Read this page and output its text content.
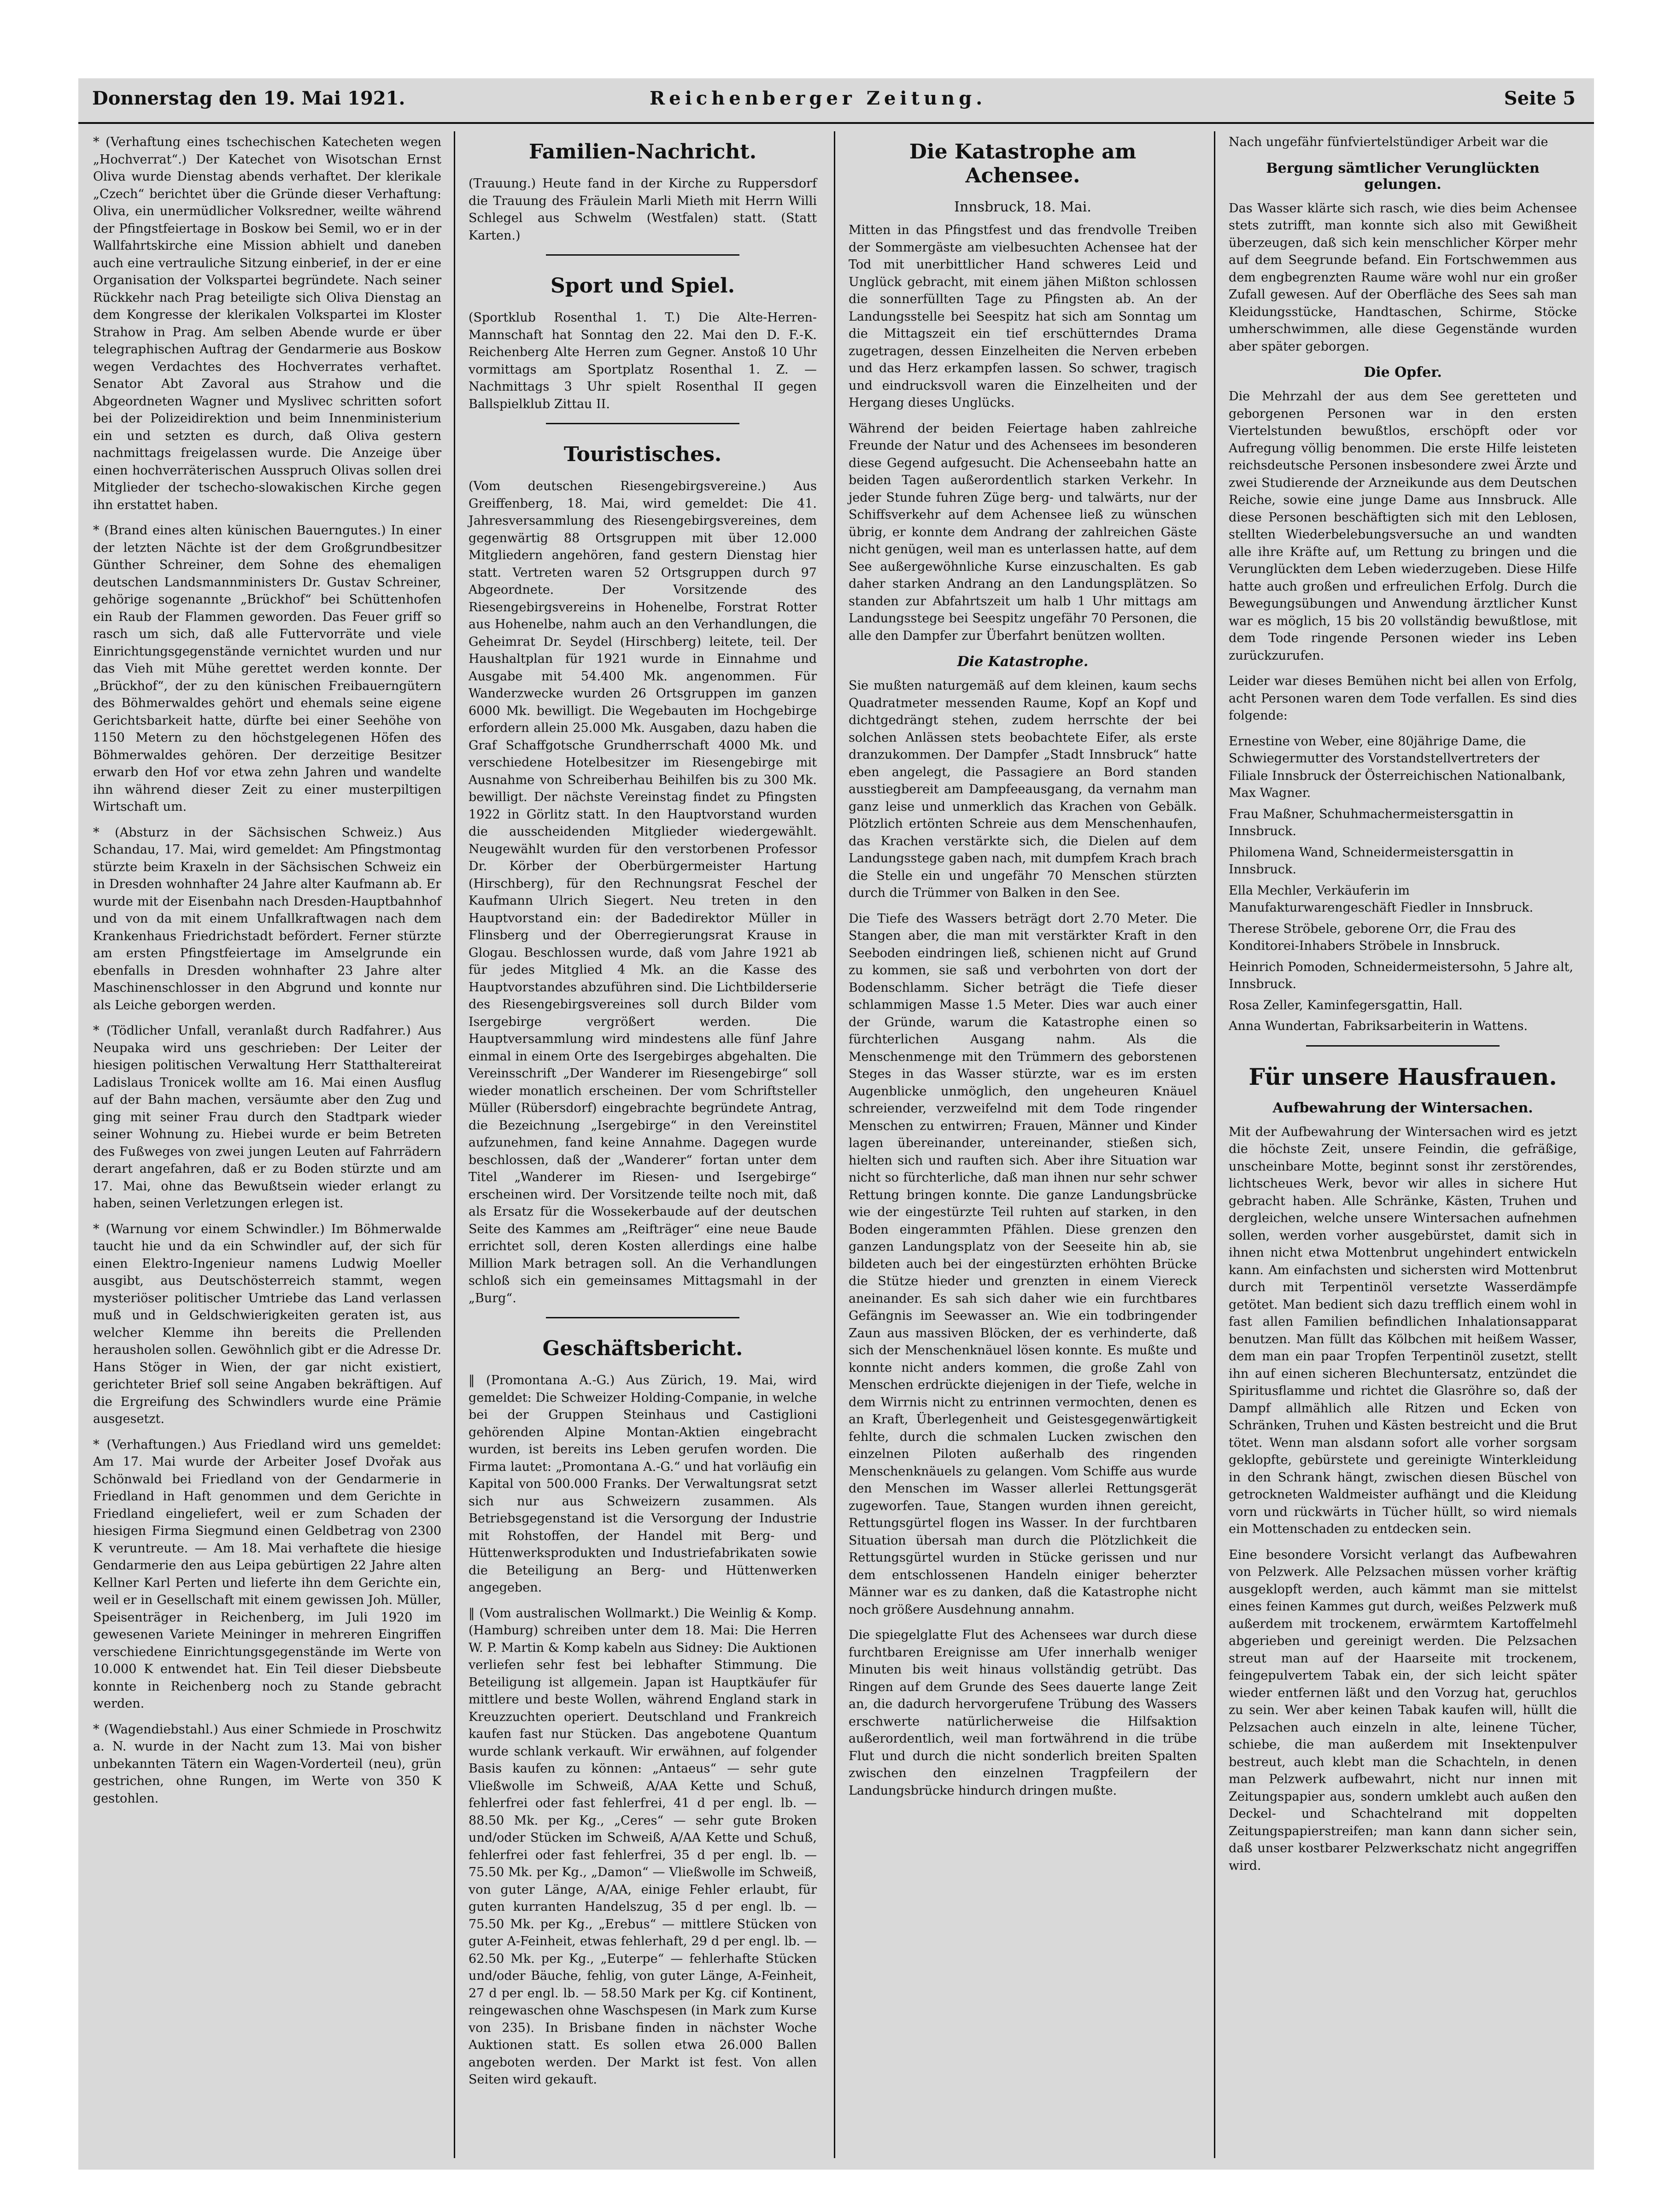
Donnerstag den 19. Mai 1921.	Reichenberger Zeitung.	Seite 5

* (Verhaftung eines tschechischen Katecheten wegen „Hochverrat“.) Der Katechet von Wisotschan Ernst Oliva wurde Dienstag abends verhaftet. Der klerikale „Czech“ berichtet über die Gründe dieser Verhaftung: Oliva, ein unermüdlicher Volksredner, weilte während der Pfingstfeiertage in Boskow bei Semil, wo er in der Wallfahrtskirche eine Mission abhielt und daneben auch eine vertrauliche Sitzung einberief, in der er eine Organisation der Volkspartei begründete. Nach seiner Rückkehr nach Prag beteiligte sich Oliva Dienstag an dem Kongresse der klerikalen Volkspartei im Kloster Strahow in Prag. Am selben Abende wurde er über telegraphischen Auftrag der Gendarmerie aus Boskow wegen Verdachtes des Hochverrates verhaftet. Senator Abt Zavoral aus Strahow und die Abgeordneten Wagner und Myslivec schritten sofort bei der Polizeidirektion und beim Innenministerium ein und setzten es durch, daß Oliva gestern nachmittags freigelassen wurde. Die Anzeige über einen hochverräterischen Ausspruch Olivas sollen drei Mitglieder der tschecho-slowakischen Kirche gegen ihn erstattet haben.

* (Brand eines alten künischen Bauerngutes.) In einer der letzten Nächte ist der dem Großgrundbesitzer Günther Schreiner, dem Sohne des ehemaligen deutschen Landsmannministers Dr. Gustav Schreiner, gehörige sogenannte „Brückhof“ bei Schüttenhofen ein Raub der Flammen geworden. Das Feuer griff so rasch um sich, daß alle Futtervorräte und viele Einrichtungsgegenstände vernichtet wurden und nur das Vieh mit Mühe gerettet werden konnte. Der „Brückhof“, der zu den künischen Freibauerngütern des Böhmerwaldes gehört und ehemals seine eigene Gerichtsbarkeit hatte, dürfte bei einer Seehöhe von 1150 Metern zu den höchstgelegenen Höfen des Böhmerwaldes gehören. Der derzeitige Besitzer erwarb den Hof vor etwa zehn Jahren und wandelte ihn während dieser Zeit zu einer musterpiltigen Wirtschaft um.

* (Absturz in der Sächsischen Schweiz.) Aus Schandau, 17. Mai, wird gemeldet: Am Pfingstmontag stürzte beim Kraxeln in der Sächsischen Schweiz ein in Dresden wohnhafter 24 Jahre alter Kaufmann ab. Er wurde mit der Eisenbahn nach Dresden-Hauptbahnhof und von da mit einem Unfallkraftwagen nach dem Krankenhaus Friedrichstadt befördert. Ferner stürzte am ersten Pfingstfeiertage im Amselgrunde ein ebenfalls in Dresden wohnhafter 23 Jahre alter Maschinenschlosser in den Abgrund und konnte nur als Leiche geborgen werden.

* (Tödlicher Unfall, veranlaßt durch Radfahrer.) Aus Neupaka wird uns geschrieben: Der Leiter der hiesigen politischen Verwaltung Herr Statthaltereirat Ladislaus Tronicek wollte am 16. Mai einen Ausflug auf der Bahn machen, versäumte aber den Zug und ging mit seiner Frau durch den Stadtpark wieder seiner Wohnung zu. Hiebei wurde er beim Betreten des Fußweges von zwei jungen Leuten auf Fahrrädern derart angefahren, daß er zu Boden stürzte und am 17. Mai, ohne das Bewußtsein wieder erlangt zu haben, seinen Verletzungen erlegen ist.

* (Warnung vor einem Schwindler.) Im Böhmerwalde taucht hie und da ein Schwindler auf, der sich für einen Elektro-Ingenieur namens Ludwig Moeller ausgibt, aus Deutschösterreich stammt, wegen mysteriöser politischer Umtriebe das Land verlassen muß und in Geldschwierigkeiten geraten ist, aus welcher Klemme ihn bereits die Prellenden herausholen sollen. Gewöhnlich gibt er die Adresse Dr. Hans Stöger in Wien, der gar nicht existiert, gerichteter Brief soll seine Angaben bekräftigen. Auf die Ergreifung des Schwindlers wurde eine Prämie ausgesetzt.

* (Verhaftungen.) Aus Friedland wird uns gemeldet: Am 17. Mai wurde der Arbeiter Josef Dvořak aus Schönwald bei Friedland von der Gendarmerie in Friedland in Haft genommen und dem Gerichte in Friedland eingeliefert, weil er zum Schaden der hiesigen Firma Siegmund einen Geldbetrag von 2300 K veruntreute. — Am 18. Mai verhaftete die hiesige Gendarmerie den aus Leipa gebürtigen 22 Jahre alten Kellner Karl Perten und lieferte ihn dem Gerichte ein, weil er in Gesellschaft mit einem gewissen Joh. Müller, Speisenträger in Reichenberg, im Juli 1920 im gewesenen Variete Meininger in mehreren Eingriffen verschiedene Einrichtungsgegenstände im Werte von 10.000 K entwendet hat. Ein Teil dieser Diebsbeute konnte in Reichenberg noch zu Stande gebracht werden.

* (Wagendiebstahl.) Aus einer Schmiede in Proschwitz a. N. wurde in der Nacht zum 13. Mai von bisher unbekannten Tätern ein Wagen-Vorderteil (neu), grün gestrichen, ohne Rungen, im Werte von 350 K gestohlen.

Familien-Nachricht.

(Trauung.) Heute fand in der Kirche zu Ruppersdorf die Trauung des Fräulein Marli Mieth mit Herrn Willi Schlegel aus Schwelm (Westfalen) statt. (Statt Karten.)

Sport und Spiel.

(Sportklub Rosenthal 1. T.) Die Alte-Herren-Mannschaft hat Sonntag den 22. Mai den D. F.-K. Reichenberg Alte Herren zum Gegner. Anstoß 10 Uhr vormittags am Sportplatz Rosenthal 1. Z. — Nachmittags 3 Uhr spielt Rosenthal II gegen Ballspielklub Zittau II.

Touristisches.

(Vom deutschen Riesengebirgsvereine.) Aus Greiffenberg, 18. Mai, wird gemeldet: Die 41. Jahresversammlung des Riesengebirgsvereines, dem gegenwärtig 88 Ortsgruppen mit über 12.000 Mitgliedern angehören, fand gestern Dienstag hier statt. Vertreten waren 52 Ortsgruppen durch 97 Abgeordnete. Der Vorsitzende des Riesengebirgsvereins in Hohenelbe, Forstrat Rotter aus Hohenelbe, nahm auch an den Verhandlungen, die Geheimrat Dr. Seydel (Hirschberg) leitete, teil. Der Haushaltplan für 1921 wurde in Einnahme und Ausgabe mit 54.400 Mk. angenommen. Für Wanderzwecke wurden 26 Ortsgruppen im ganzen 6000 Mk. bewilligt. Die Wegebauten im Hochgebirge erfordern allein 25.000 Mk. Ausgaben, dazu haben die Graf Schaffgotsche Grundherrschaft 4000 Mk. und verschiedene Hotelbesitzer im Riesengebirge mit Ausnahme von Schreiberhau Beihilfen bis zu 300 Mk. bewilligt. Der nächste Vereinstag findet zu Pfingsten 1922 in Görlitz statt. In den Hauptvorstand wurden die ausscheidenden Mitglieder wiedergewählt. Neugewählt wurden für den verstorbenen Professor Dr. Körber der Oberbürgermeister Hartung (Hirschberg), für den Rechnungsrat Feschel der Kaufmann Ulrich Siegert. Neu treten in den Hauptvorstand ein: der Badedirektor Müller in Flinsberg und der Oberregierungsrat Krause in Glogau. Beschlossen wurde, daß vom Jahre 1921 ab für jedes Mitglied 4 Mk. an die Kasse des Hauptvorstandes abzuführen sind. Die Lichtbilderserie des Riesengebirgsvereines soll durch Bilder vom Isergebirge vergrößert werden. Die Hauptversammlung wird mindestens alle fünf Jahre einmal in einem Orte des Isergebirges abgehalten. Die Vereinsschrift „Der Wanderer im Riesengebirge“ soll wieder monatlich erscheinen. Der vom Schriftsteller Müller (Rübersdorf) eingebrachte begründete Antrag, die Bezeichnung „Isergebirge“ in den Vereinstitel aufzunehmen, fand keine Annahme. Dagegen wurde beschlossen, daß der „Wanderer“ fortan unter dem Titel „Wanderer im Riesen- und Isergebirge“ erscheinen wird. Der Vorsitzende teilte noch mit, daß als Ersatz für die Wossekerbaude auf der deutschen Seite des Kammes am „Reifträger“ eine neue Baude errichtet soll, deren Kosten allerdings eine halbe Million Mark betragen soll. An die Verhandlungen schloß sich ein gemeinsames Mittagsmahl in der „Burg“.

Geschäftsbericht.

‖ (Promontana A.-G.) Aus Zürich, 19. Mai, wird gemeldet: Die Schweizer Holding-Companie, in welche bei der Gruppen Steinhaus und Castiglioni gehörenden Alpine Montan-Aktien eingebracht wurden, ist bereits ins Leben gerufen worden. Die Firma lautet: „Promontana A.-G.“ und hat vorläufig ein Kapital von 500.000 Franks. Der Verwaltungsrat setzt sich nur aus Schweizern zusammen. Als Betriebsgegenstand ist die Versorgung der Industrie mit Rohstoffen, der Handel mit Berg- und Hüttenwerksprodukten und Industriefabrikaten sowie die Beteiligung an Berg- und Hüttenwerken angegeben.

‖ (Vom australischen Wollmarkt.) Die Weinlig & Komp. (Hamburg) schreiben unter dem 18. Mai: Die Herren W. P. Martin & Komp kabeln aus Sidney: Die Auktionen verliefen sehr fest bei lebhafter Stimmung. Die Beteiligung ist allgemein. Japan ist Hauptkäufer für mittlere und beste Wollen, während England stark in Kreuzzuchten operiert. Deutschland und Frankreich kaufen fast nur Stücken. Das angebotene Quantum wurde schlank verkauft. Wir erwähnen, auf folgender Basis kaufen zu können: „Antaeus“ — sehr gute Vließwolle im Schweiß, A/AA Kette und Schuß, fehlerfrei oder fast fehlerfrei, 41 d per engl. lb. — 88.50 Mk. per Kg., „Ceres“ — sehr gute Broken und/oder Stücken im Schweiß, A/AA Kette und Schuß, fehlerfrei oder fast fehlerfrei, 35 d per engl. lb. — 75.50 Mk. per Kg., „Damon“ — Vließwolle im Schweiß, von guter Länge, A/AA, einige Fehler erlaubt, für guten kurranten Handelszug, 35 d per engl. lb. — 75.50 Mk. per Kg., „Erebus“ — mittlere Stücken von guter A-Feinheit, etwas fehlerhaft, 29 d per engl. lb. — 62.50 Mk. per Kg., „Euterpe“ — fehlerhafte Stücken und/oder Bäuche, fehlig, von guter Länge, A-Feinheit, 27 d per engl. lb. — 58.50 Mark per Kg. cif Kontinent, reingewaschen ohne Waschspesen (in Mark zum Kurse von 235). In Brisbane finden in nächster Woche Auktionen statt. Es sollen etwa 26.000 Ballen angeboten werden. Der Markt ist fest. Von allen Seiten wird gekauft.

Die Katastrophe am Achensee.
Innsbruck, 18. Mai.

Mitten in das Pfingstfest und das frendvolle Treiben der Sommergäste am vielbesuchten Achensee hat der Tod mit unerbittlicher Hand schweres Leid und Unglück gebracht, mit einem jähen Mißton schlossen die sonnerfüllten Tage zu Pfingsten ab. An der Landungsstelle bei Seespitz hat sich am Sonntag um die Mittagszeit ein tief erschütterndes Drama zugetragen, dessen Einzelheiten die Nerven erbeben und das Herz erkampfen lassen. So schwer, tragisch und eindrucksvoll waren die Einzelheiten und der Hergang dieses Unglücks.

Während der beiden Feiertage haben zahlreiche Freunde der Natur und des Achensees im besonderen diese Gegend aufgesucht. Die Achenseebahn hatte an beiden Tagen außerordentlich starken Verkehr. In jeder Stunde fuhren Züge berg- und talwärts, nur der Schiffsverkehr auf dem Achensee ließ zu wünschen übrig, er konnte dem Andrang der zahlreichen Gäste nicht genügen, weil man es unterlassen hatte, auf dem See außergewöhnliche Kurse einzuschalten. Es gab daher starken Andrang an den Landungsplätzen. So standen zur Abfahrtszeit um halb 1 Uhr mittags am Landungsstege bei Seespitz ungefähr 70 Personen, die alle den Dampfer zur Überfahrt benützen wollten.

Die Katastrophe.

Sie mußten naturgemäß auf dem kleinen, kaum sechs Quadratmeter messenden Raume, Kopf an Kopf und dichtgedrängt stehen, zudem herrschte der bei solchen Anlässen stets beobachtete Eifer, als erste dranzukommen. Der Dampfer „Stadt Innsbruck“ hatte eben angelegt, die Passagiere an Bord standen ausstiegbereit am Dampfeeausgang, da vernahm man ganz leise und unmerklich das Krachen von Gebälk. Plötzlich ertönten Schreie aus dem Menschenhaufen, das Krachen verstärkte sich, die Dielen auf dem Landungsstege gaben nach, mit dumpfem Krach brach die Stelle ein und ungefähr 70 Menschen stürzten durch die Trümmer von Balken in den See.

Die Tiefe des Wassers beträgt dort 2.70 Meter. Die Stangen aber, die man mit verstärkter Kraft in den Seeboden eindringen ließ, schienen nicht auf Grund zu kommen, sie saß und verbohrten von dort der Bodenschlamm. Sicher beträgt die Tiefe dieser schlammigen Masse 1.5 Meter. Dies war auch einer der Gründe, warum die Katastrophe einen so fürchterlichen Ausgang nahm. Als die Menschenmenge mit den Trümmern des geborstenen Steges in das Wasser stürzte, war es im ersten Augenblicke unmöglich, den ungeheuren Knäuel schreiender, verzweifelnd mit dem Tode ringender Menschen zu entwirren; Frauen, Männer und Kinder lagen übereinander, untereinander, stießen sich, hielten sich und rauften sich. Aber ihre Situation war nicht so fürchterliche, daß man ihnen nur sehr schwer Rettung bringen konnte. Die ganze Landungsbrücke wie der eingestürzte Teil ruhten auf starken, in den Boden eingerammten Pfählen. Diese grenzen den ganzen Landungsplatz von der Seeseite hin ab, sie bildeten auch bei der eingestürzten erhöhten Brücke die Stütze hieder und grenzten in einem Viereck aneinander. Es sah sich daher wie ein furchtbares Gefängnis im Seewasser an. Wie ein todbringender Zaun aus massiven Blöcken, der es verhinderte, daß sich der Menschenknäuel lösen konnte. Es mußte und konnte nicht anders kommen, die große Zahl von Menschen erdrückte diejenigen in der Tiefe, welche in dem Wirrnis nicht zu entrinnen vermochten, denen es an Kraft, Überlegenheit und Geistesgegenwärtigkeit fehlte, durch die schmalen Lucken zwischen den einzelnen Piloten außerhalb des ringenden Menschenknäuels zu gelangen. Vom Schiffe aus wurde den Menschen im Wasser allerlei Rettungsgerät zugeworfen. Taue, Stangen wurden ihnen gereicht, Rettungsgürtel flogen ins Wasser. In der furchtbaren Situation übersah man durch die Plötzlichkeit die Rettungsgürtel wurden in Stücke gerissen und nur dem entschlossenen Handeln einiger beherzter Männer war es zu danken, daß die Katastrophe nicht noch größere Ausdehnung annahm.

Die spiegelglatte Flut des Achensees war durch diese furchtbaren Ereignisse am Ufer innerhalb weniger Minuten bis weit hinaus vollständig getrübt. Das Ringen auf dem Grunde des Sees dauerte lange Zeit an, die dadurch hervorgerufene Trübung des Wassers erschwerte natürlicherweise die Hilfsaktion außerordentlich, weil man fortwährend in die trübe Flut und durch die nicht sonderlich breiten Spalten zwischen den einzelnen Tragpfeilern der Landungsbrücke hindurch dringen mußte.

Nach ungefähr fünfviertelstündiger Arbeit war die

Bergung sämtlicher Verunglückten gelungen.

Das Wasser klärte sich rasch, wie dies beim Achensee stets zutrifft, man konnte sich also mit Gewißheit überzeugen, daß sich kein menschlicher Körper mehr auf dem Seegrunde befand. Ein Fortschwemmen aus dem engbegrenzten Raume wäre wohl nur ein großer Zufall gewesen. Auf der Oberfläche des Sees sah man Kleidungsstücke, Handtaschen, Schirme, Stöcke umherschwimmen, alle diese Gegenstände wurden aber später geborgen.

Die Opfer.

Die Mehrzahl der aus dem See geretteten und geborgenen Personen war in den ersten Viertelstunden bewußtlos, erschöpft oder vor Aufregung völlig benommen. Die erste Hilfe leisteten reichsdeutsche Personen insbesondere zwei Ärzte und zwei Studierende der Arzneikunde aus dem Deutschen Reiche, sowie eine junge Dame aus Innsbruck. Alle diese Personen beschäftigten sich mit den Leblosen, stellten Wiederbelebungsversuche an und wandten alle ihre Kräfte auf, um Rettung zu bringen und die Verunglückten dem Leben wiederzugeben. Diese Hilfe hatte auch großen und erfreulichen Erfolg. Durch die Bewegungsübungen und Anwendung ärztlicher Kunst war es möglich, 15 bis 20 vollständig bewußtlose, mit dem Tode ringende Personen wieder ins Leben zurückzurufen.

Leider war dieses Bemühen nicht bei allen von Erfolg, acht Personen waren dem Tode verfallen. Es sind dies folgende:

Ernestine von Weber, eine 80jährige Dame, die Schwiegermutter des Vorstandstellvertreters der Filiale Innsbruck der Österreichischen Nationalbank, Max Wagner.

Frau Maßner, Schuhmachermeistersgattin in Innsbruck.

Philomena Wand, Schneidermeistersgattin in Innsbruck.

Ella Mechler, Verkäuferin im Manufakturwarengeschäft Fiedler in Innsbruck.

Therese Ströbele, geborene Orr, die Frau des Konditorei-Inhabers Ströbele in Innsbruck.

Heinrich Pomoden, Schneidermeistersohn, 5 Jahre alt, Innsbruck.

Rosa Zeller, Kaminfegersgattin, Hall.

Anna Wundertan, Fabriksarbeiterin in Wattens.

Für unsere Hausfrauen.
Aufbewahrung der Wintersachen.

Mit der Aufbewahrung der Wintersachen wird es jetzt die höchste Zeit, unsere Feindin, die gefräßige, unscheinbare Motte, beginnt sonst ihr zerstörendes, lichtscheues Werk, bevor wir alles in sichere Hut gebracht haben. Alle Schränke, Kästen, Truhen und dergleichen, welche unsere Wintersachen aufnehmen sollen, werden vorher ausgebürstet, damit sich in ihnen nicht etwa Mottenbrut ungehindert entwickeln kann. Am einfachsten und sichersten wird Mottenbrut durch mit Terpentinöl versetzte Wasserdämpfe getötet. Man bedient sich dazu trefflich einem wohl in fast allen Familien befindlichen Inhalationsapparat benutzen. Man füllt das Kölbchen mit heißem Wasser, dem man ein paar Tropfen Terpentinöl zusetzt, stellt ihn auf einen sicheren Blechuntersatz, entzündet die Spiritusflamme und richtet die Glasröhre so, daß der Dampf allmählich alle Ritzen und Ecken von Schränken, Truhen und Kästen bestreicht und die Brut tötet. Wenn man alsdann sofort alle vorher sorgsam geklopfte, gebürstete und gereinigte Winterkleidung in den Schrank hängt, zwischen diesen Büschel von getrockneten Waldmeister aufhängt und die Kleidung vorn und rückwärts in Tücher hüllt, so wird niemals ein Mottenschaden zu entdecken sein.

Eine besondere Vorsicht verlangt das Aufbewahren von Pelzwerk. Alle Pelzsachen müssen vorher kräftig ausgeklopft werden, auch kämmt man sie mittelst eines feinen Kammes gut durch, weißes Pelzwerk muß außerdem mit trockenem, erwärmtem Kartoffelmehl abgerieben und gereinigt werden. Die Pelzsachen streut man auf der Haarseite mit trockenem, feingepulvertem Tabak ein, der sich leicht später wieder entfernen läßt und den Vorzug hat, geruchlos zu sein. Wer aber keinen Tabak kaufen will, hüllt die Pelzsachen auch einzeln in alte, leinene Tücher, schiebe, die man außerdem mit Insektenpulver bestreut, auch klebt man die Schachteln, in denen man Pelzwerk aufbewahrt, nicht nur innen mit Zeitungspapier aus, sondern umklebt auch außen den Deckel- und Schachtelrand mit doppelten Zeitungspapierstreifen; man kann dann sicher sein, daß unser kostbarer Pelzwerkschatz nicht angegriffen wird.
